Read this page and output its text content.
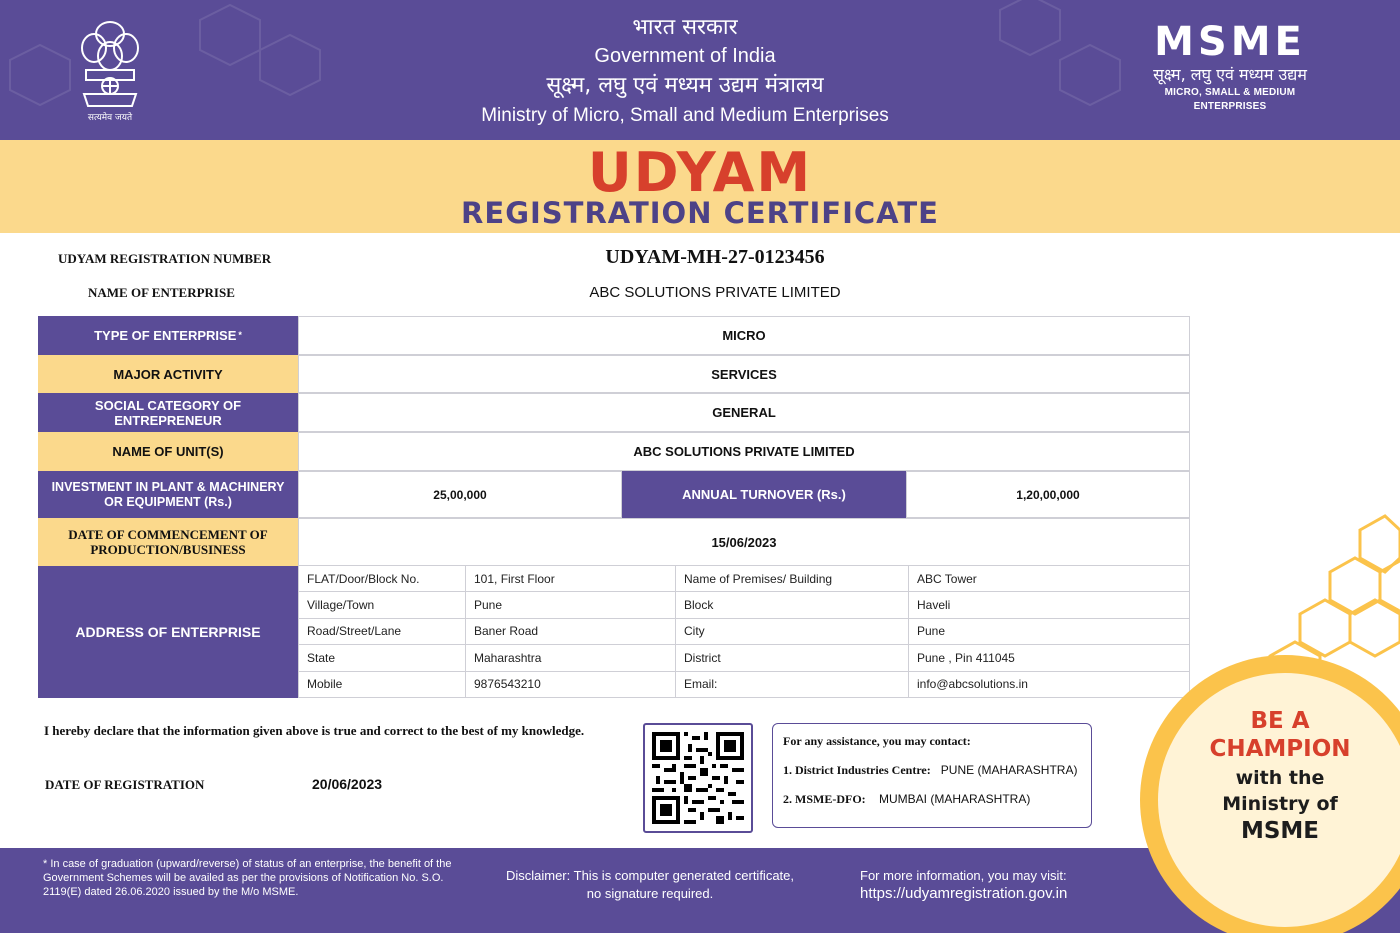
सत्यमेव जयते
भारत सरकार
Government of India
सूक्ष्म, लघु एवं मध्यम उद्यम मंत्रालय
Ministry of Micro, Small and Medium Enterprises
MSME
सूक्ष्म, लघु एवं मध्यम उद्यम
MICRO, SMALL & MEDIUM ENTERPRISES
UDYAM
REGISTRATION CERTIFICATE
UDYAM REGISTRATION NUMBER	UDYAM-MH-27-0123456
NAME OF ENTERPRISE	ABC SOLUTIONS PRIVATE LIMITED
TYPE OF ENTERPRISE *	MICRO
MAJOR ACTIVITY	SERVICES
SOCIAL CATEGORY OF ENTREPRENEUR	GENERAL
NAME OF UNIT(S)	ABC SOLUTIONS PRIVATE LIMITED
INVESTMENT IN PLANT & MACHINERY OR EQUIPMENT (Rs.)	25,00,000	ANNUAL TURNOVER (Rs.)	1,20,00,000
DATE OF COMMENCEMENT OF PRODUCTION/BUSINESS	15/06/2023
ADDRESS OF ENTERPRISE
FLAT/Door/Block No.	101, First Floor	Name of Premises/ Building	ABC Tower
Village/Town	Pune	Block	Haveli
Road/Street/Lane	Baner Road	City	Pune
State	Maharashtra	District	Pune , Pin 411045
Mobile	9876543210	Email:	info@abcsolutions.in
I hereby declare that the information given above is true and correct to the best of my knowledge.
DATE OF REGISTRATION	20/06/2023
For any assistance, you may contact:
1. District Industries Centre: PUNE (MAHARASHTRA)
2. MSME-DFO: MUMBAI (MAHARASHTRA)
* In case of graduation (upward/reverse) of status of an enterprise, the benefit of the Government Schemes will be availed as per the provisions of Notification No. S.O. 2119(E) dated 26.06.2020 issued by the M/o MSME.
Disclaimer: This is computer generated certificate,
no signature required.
For more information, you may visit:
https://udyamregistration.gov.in
BE A
CHAMPION
with the
Ministry of
MSME
